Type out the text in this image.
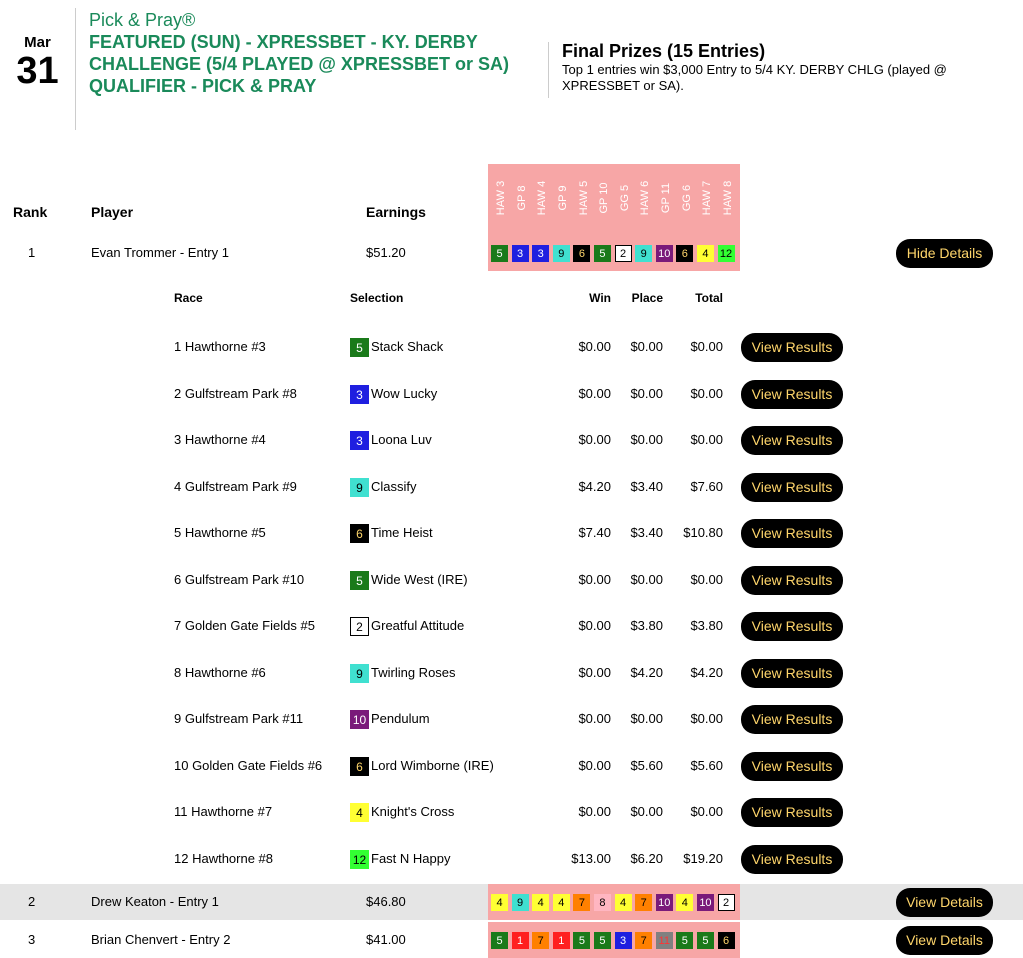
Mar
31
Pick & Pray®
FEATURED (SUN) - XPRESSBET - KY. DERBY CHALLENGE (5/4 PLAYED @ XPRESSBET or SA) QUALIFIER - PICK & PRAY
Final Prizes (15 Entries)
Top 1 entries win $3,000 Entry to 5/4 KY. DERBY CHLG (played @ XPRESSBET or SA).
HAW 3 GP 8 HAW 4 GP 9 HAW 5 GP 10 GG 5 HAW 6 GP 11 GG 6 HAW 7 HAW 8
Rank	Player	Earnings
1	Evan Trommer - Entry 1	$51.20	5	3	3	9	6	5	2	9	10	6	4	12	Hide Details
Race	Selection	Win	Place	Total
1 Hawthorne #3	5 Stack Shack	$0.00	$0.00	$0.00	View Results
2 Gulfstream Park #8	3 Wow Lucky	$0.00	$0.00	$0.00	View Results
3 Hawthorne #4	3 Loona Luv	$0.00	$0.00	$0.00	View Results
4 Gulfstream Park #9	9 Classify	$4.20	$3.40	$7.60	View Results
5 Hawthorne #5	6 Time Heist	$7.40	$3.40	$10.80	View Results
6 Gulfstream Park #10	5 Wide West (IRE)	$0.00	$0.00	$0.00	View Results
7 Golden Gate Fields #5	2 Greatful Attitude	$0.00	$3.80	$3.80	View Results
8 Hawthorne #6	9 Twirling Roses	$0.00	$4.20	$4.20	View Results
9 Gulfstream Park #11	10 Pendulum	$0.00	$0.00	$0.00	View Results
10 Golden Gate Fields #6	6 Lord Wimborne (IRE)	$0.00	$5.60	$5.60	View Results
11 Hawthorne #7	4 Knight's Cross	$0.00	$0.00	$0.00	View Results
12 Hawthorne #8	12 Fast N Happy	$13.00	$6.20	$19.20	View Results
2	Drew Keaton - Entry 1	$46.80	4	9	4	4	7	8	4	7	10	4	10	2	View Details
3	Brian Chenvert - Entry 2	$41.00	5	1	7	1	5	5	3	7	11	5	5	6	View Details
